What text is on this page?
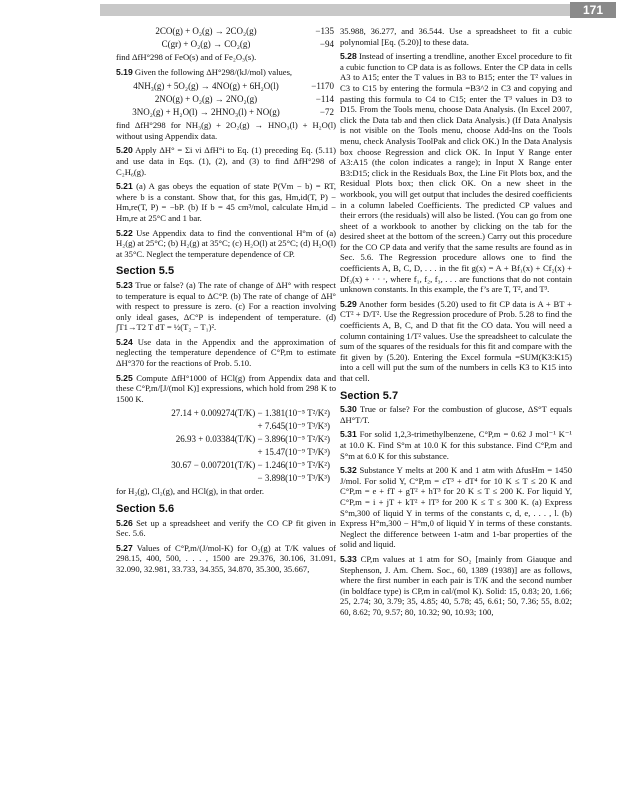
171
2CO(g) + O₂(g) → 2CO₂(g)	−135
C(gr) + O₂(g) → CO₂(g)	−94

find ΔfH°298 of FeO(s) and of Fe₂O₃(s).

5.19 Given the following ΔH°298/(kJ/mol) values,

4NH₃(g) + 5O₂(g) → 4NO(g) + 6H₂O(l)	−1170
2NO(g) + O₂(g) → 2NO₂(g)	−114
3NO₂(g) + H₂O(l) → 2HNO₃(l) + NO(g)	−72

find ΔfH°298 for NH₃(g) + 2O₂(g) → HNO₃(l) + H₂O(l) without using Appendix data.

5.20 Apply ΔH° = Σi νi ΔfH°i to Eq. (1) preceding Eq. (5.11) and use data in Eqs. (1), (2), and (3) to find ΔfH°298 of C₂H₆(g).

5.21 (a) A gas obeys the equation of state P(Vm − b) = RT, where b is a constant. Show that, for this gas, Hm,id(T, P) − Hm,re(T, P) = −bP. (b) If b = 45 cm³/mol, calculate Hm,id − Hm,re at 25°C and 1 bar.

5.22 Use Appendix data to find the conventional H°m of (a) H₂(g) at 25°C; (b) H₂(g) at 35°C; (c) H₂O(l) at 25°C; (d) H₂O(l) at 35°C. Neglect the temperature dependence of CP.

Section 5.5

5.23 True or false? (a) The rate of change of ΔH° with respect to temperature is equal to ΔC°P. (b) The rate of change of ΔH° with respect to pressure is zero. (c) For a reaction involving only ideal gases, ΔC°P is independent of temperature. (d) ∫T1→T2 T dT = ½(T₂ − T₁)².

5.24 Use data in the Appendix and the approximation of neglecting the temperature dependence of C°P,m to estimate ΔH°370 for the reactions of Prob. 5.10.

5.25 Compute ΔfH°1000 of HCl(g) from Appendix data and these C°P,m/[J/(mol K)] expressions, which hold from 298 K to 1500 K.

27.14 + 0.009274(T/K) − 1.381(10⁻⁵ T²/K²)
+ 7.645(10⁻⁹ T³/K³)
26.93 + 0.03384(T/K) − 3.896(10⁻⁵ T²/K²)
+ 15.47(10⁻⁹ T³/K³)
30.67 − 0.007201(T/K) − 1.246(10⁻⁵ T²/K²)
− 3.898(10⁻⁹ T³/K³)

for H₂(g), Cl₂(g), and HCl(g), in that order.

Section 5.6

5.26 Set up a spreadsheet and verify the CO CP fit given in Sec. 5.6.

5.27 Values of C°P,m/(J/mol-K) for O₂(g) at T/K values of 298.15, 400, 500, . . . , 1500 are 29.376, 30.106, 31.091, 32.090, 32.981, 33.733, 34.355, 34.870, 35.300, 35.667,

35.988, 36.277, and 36.544. Use a spreadsheet to fit a cubic polynomial [Eq. (5.20)] to these data.

5.28 Instead of inserting a trendline, another Excel procedure to fit a cubic function to CP data is as follows. Enter the CP data in cells A3 to A15; enter the T values in B3 to B15; enter the T² values in C3 to C15 by entering the formula =B3^2 in C3 and copying and pasting this formula to C4 to C15; enter the T³ values in D3 to D15. From the Tools menu, choose Data Analysis. (In Excel 2007, click the Data tab and then click Data Analysis.) (If Data Analysis is not visible on the Tools menu, choose Add-Ins on the Tools menu, check Analysis ToolPak and click OK.) In the Data Analysis box choose Regression and click OK. In Input Y Range enter A3:A15 (the colon indicates a range); in Input X Range enter B3:D15; click in the Residuals Box, the Line Fit Plots box, and the Residual Plots box; then click OK. On a new sheet in the workbook, you will get output that includes the desired coefficients in a column labeled Coefficients. The predicted CP values and their errors (the residuals) will also be listed. (You can go from one sheet of a workbook to another by clicking on the tab for the desired sheet at the bottom of the screen.) Carry out this procedure for the CO CP data and verify that the same results are found as in Sec. 5.6. The Regression procedure allows one to find the coefficients A, B, C, D, . . . in the fit g(x) = A + Bf₁(x) + Cf₂(x) + Df₃(x) + · · ·, where f₁, f₂, f₃, . . . are functions that do not contain unknown constants. In this example, the f’s are T, T², and T³.

5.29 Another form besides (5.20) used to fit CP data is A + BT + CT² + D/T². Use the Regression procedure of Prob. 5.28 to find the coefficients A, B, C, and D that fit the CO data. You will need a column containing 1/T² values. Use the spreadsheet to calculate the sum of the squares of the residuals for this fit and compare with the fit given by (5.20). Entering the Excel formula =SUM(K3:K15) into a cell will put the sum of the numbers in cells K3 to K15 into that cell.

Section 5.7

5.30 True or false? For the combustion of glucose, ΔS°T equals ΔH°T/T.

5.31 For solid 1,2,3-trimethylbenzene, C°P,m = 0.62 J mol⁻¹ K⁻¹ at 10.0 K. Find S°m at 10.0 K for this substance. Find C°P,m and S°m at 6.0 K for this substance.

5.32 Substance Y melts at 200 K and 1 atm with ΔfusHm = 1450 J/mol. For solid Y, C°P,m = cT³ + dT⁴ for 10 K ≤ T ≤ 20 K and C°P,m = e + fT + gT² + hT³ for 20 K ≤ T ≤ 200 K. For liquid Y, C°P,m = i + jT + kT² + lT³ for 200 K ≤ T ≤ 300 K. (a) Express S°m,300 of liquid Y in terms of the constants c, d, e, . . . , l. (b) Express H°m,300 − H°m,0 of liquid Y in terms of these constants. Neglect the difference between 1-atm and 1-bar properties of the solid and liquid.

5.33 CP,m values at 1 atm for SO₂ [mainly from Giauque and Stephenson, J. Am. Chem. Soc., 60, 1389 (1938)] are as follows, where the first number in each pair is T/K and the second number (in boldface type) is CP,m in cal/(mol K). Solid: 15, 0.83; 20, 1.66; 25, 2.74; 30, 3.79; 35, 4.85; 40, 5.78; 45, 6.61; 50, 7.36; 55, 8.02; 60, 8.62; 70, 9.57; 80, 10.32; 90, 10.93; 100,
